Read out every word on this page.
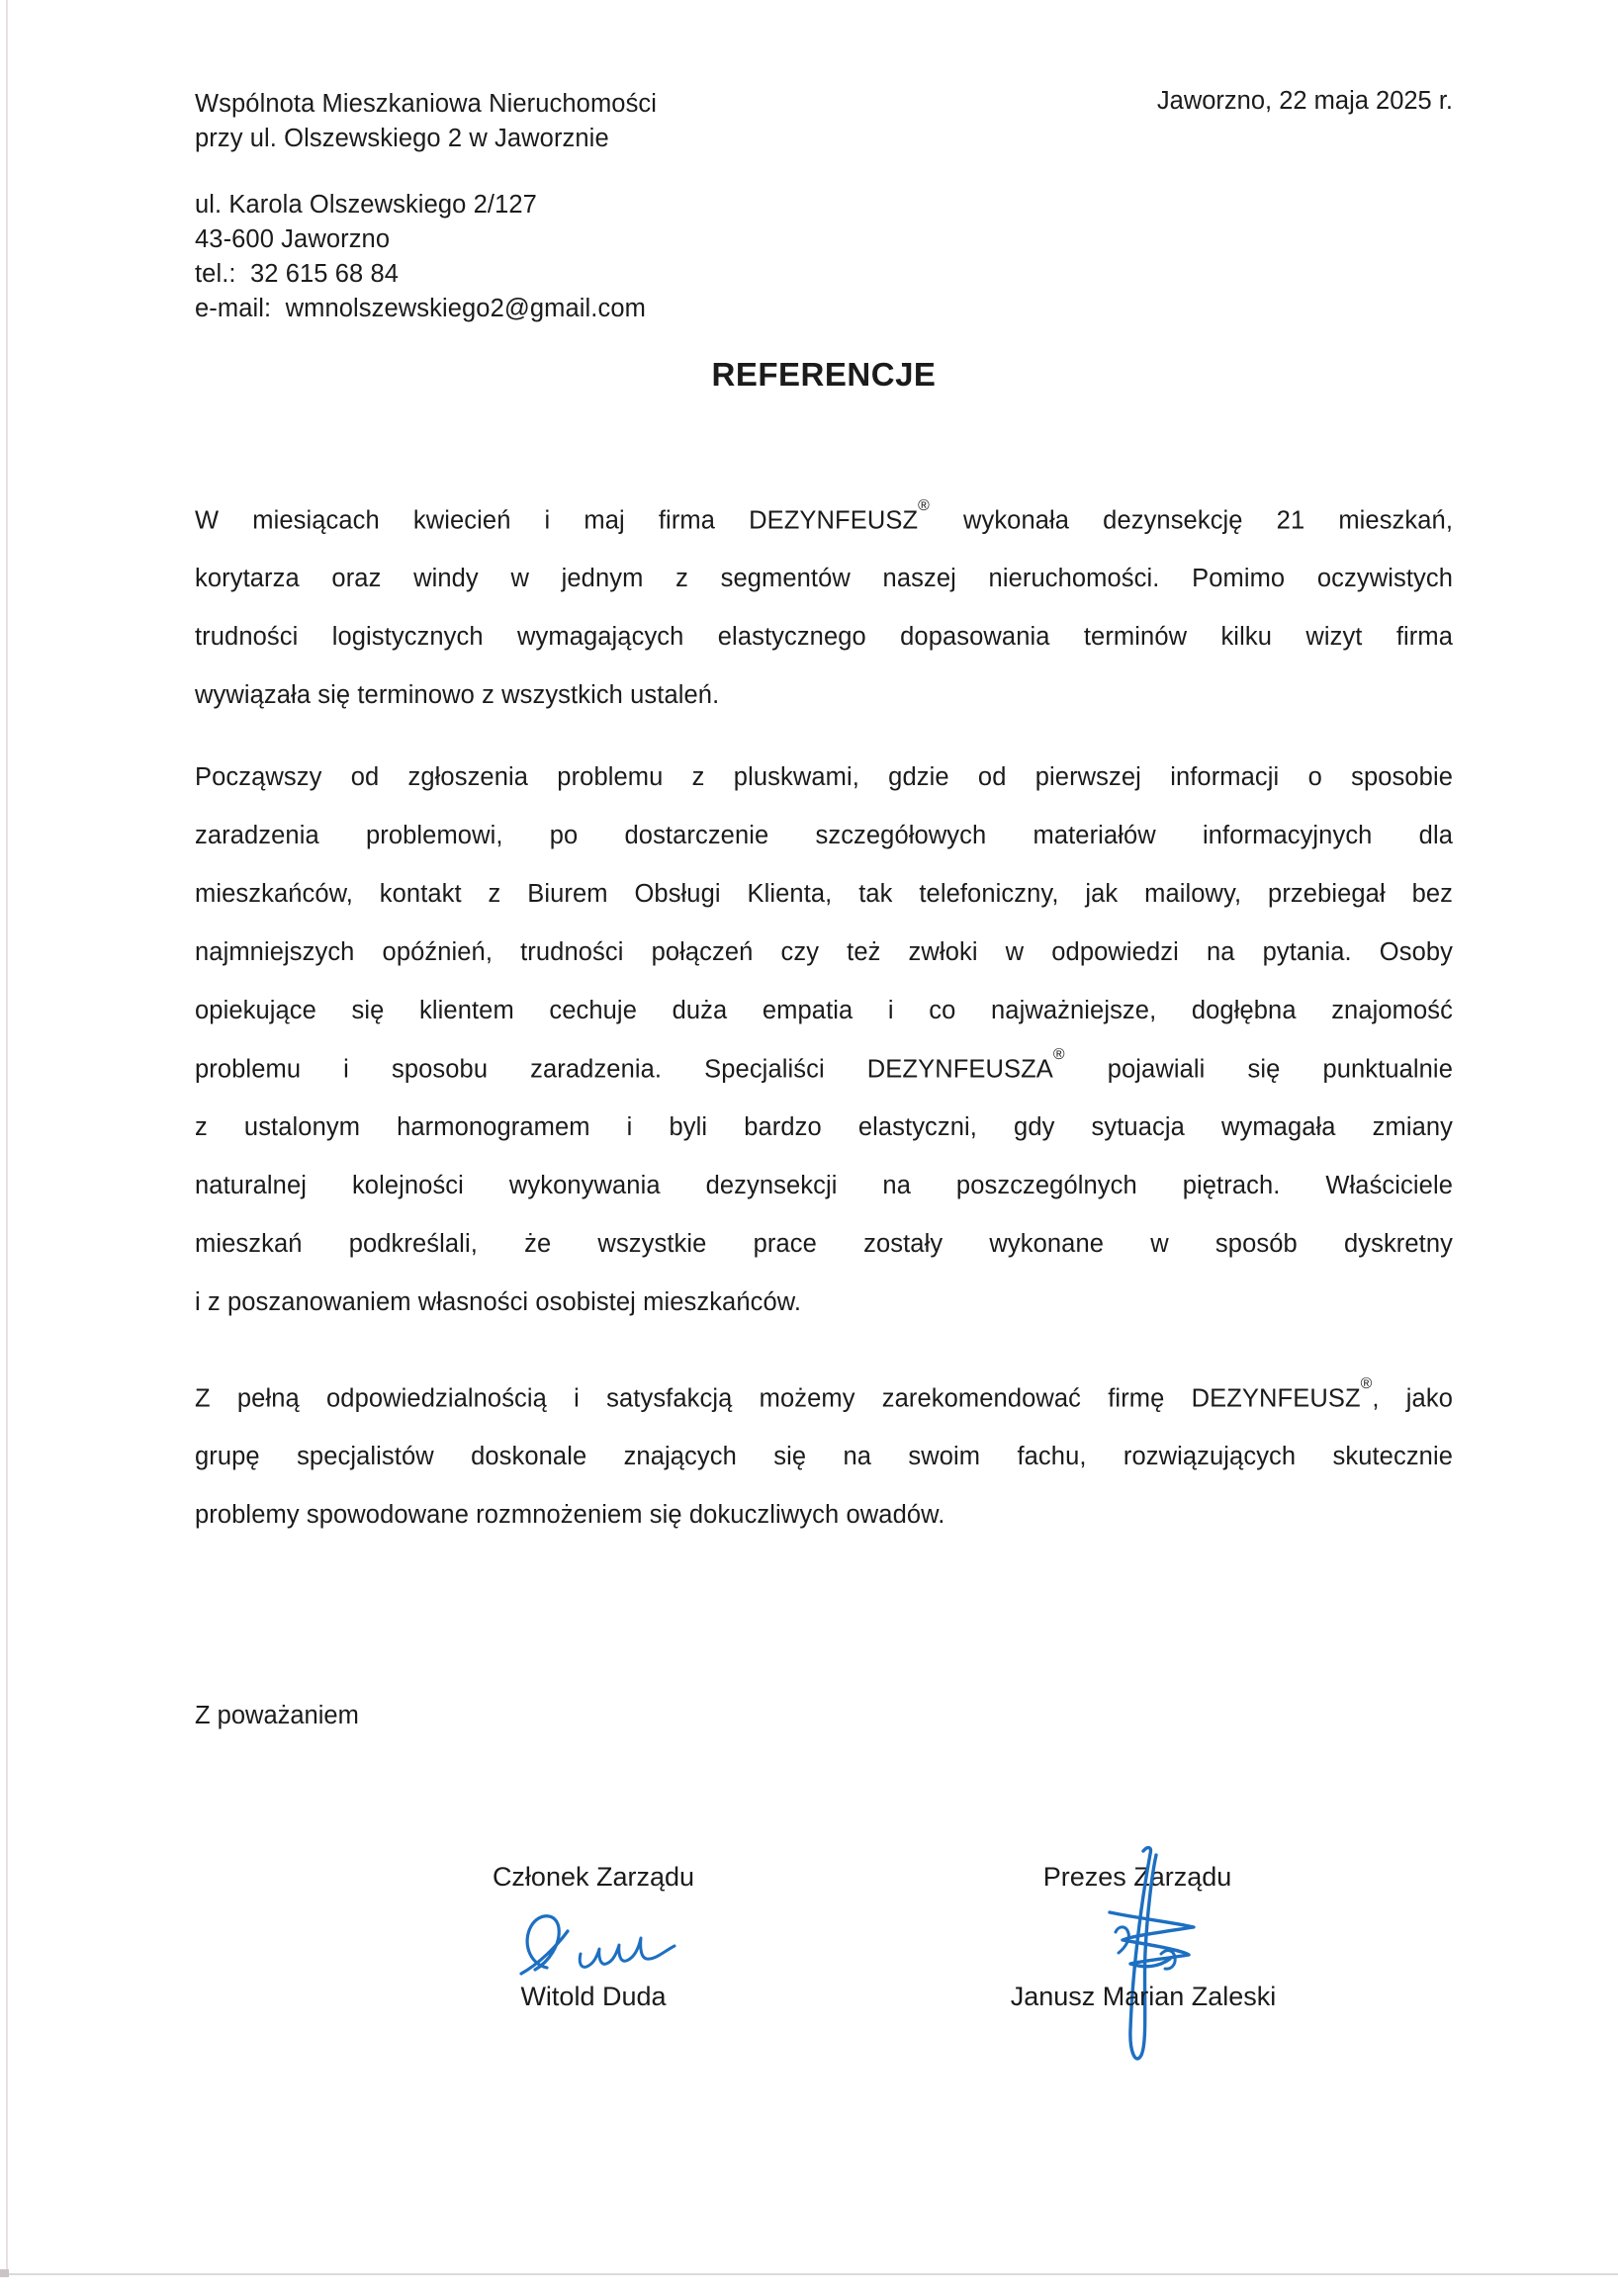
Wspólnota Mieszkaniowa Nieruchomości
przy ul. Olszewskiego 2 w Jaworznie
Jaworzno, 22 maja 2025 r.
ul. Karola Olszewskiego 2/127
43-600 Jaworzno
tel.:  32 615 68 84
e-mail:  wmnolszewskiego2@gmail.com
REFERENCJE
W miesiącach kwiecień i maj firma DEZYNFEUSZ® wykonała dezynsekcję 21 mieszkań,
korytarza oraz windy w jednym z segmentów naszej nieruchomości. Pomimo oczywistych
trudności logistycznych wymagających elastycznego dopasowania terminów kilku wizyt firma
wywiązała się terminowo z wszystkich ustaleń.
Począwszy od zgłoszenia problemu z pluskwami, gdzie od pierwszej informacji o sposobie
zaradzenia problemowi, po dostarczenie szczegółowych materiałów informacyjnych dla
mieszkańców, kontakt z Biurem Obsługi Klienta, tak telefoniczny, jak mailowy, przebiegał bez
najmniejszych opóźnień, trudności połączeń czy też zwłoki w odpowiedzi na pytania. Osoby
opiekujące się klientem cechuje duża empatia i co najważniejsze, dogłębna znajomość
problemu i sposobu zaradzenia. Specjaliści DEZYNFEUSZA® pojawiali się punktualnie
z ustalonym harmonogramem i byli bardzo elastyczni, gdy sytuacja wymagała zmiany
naturalnej kolejności wykonywania dezynsekcji na poszczególnych piętrach. Właściciele
mieszkań podkreślali, że wszystkie prace zostały wykonane w sposób dyskretny
i z poszanowaniem własności osobistej mieszkańców.
Z pełną odpowiedzialnością i satysfakcją możemy zarekomendować firmę DEZYNFEUSZ®, jako
grupę specjalistów doskonale znających się na swoim fachu, rozwiązujących skutecznie
problemy spowodowane rozmnożeniem się dokuczliwych owadów.
Z poważaniem
Członek Zarządu
Witold Duda
Prezes Zarządu
Janusz Marian Zaleski
